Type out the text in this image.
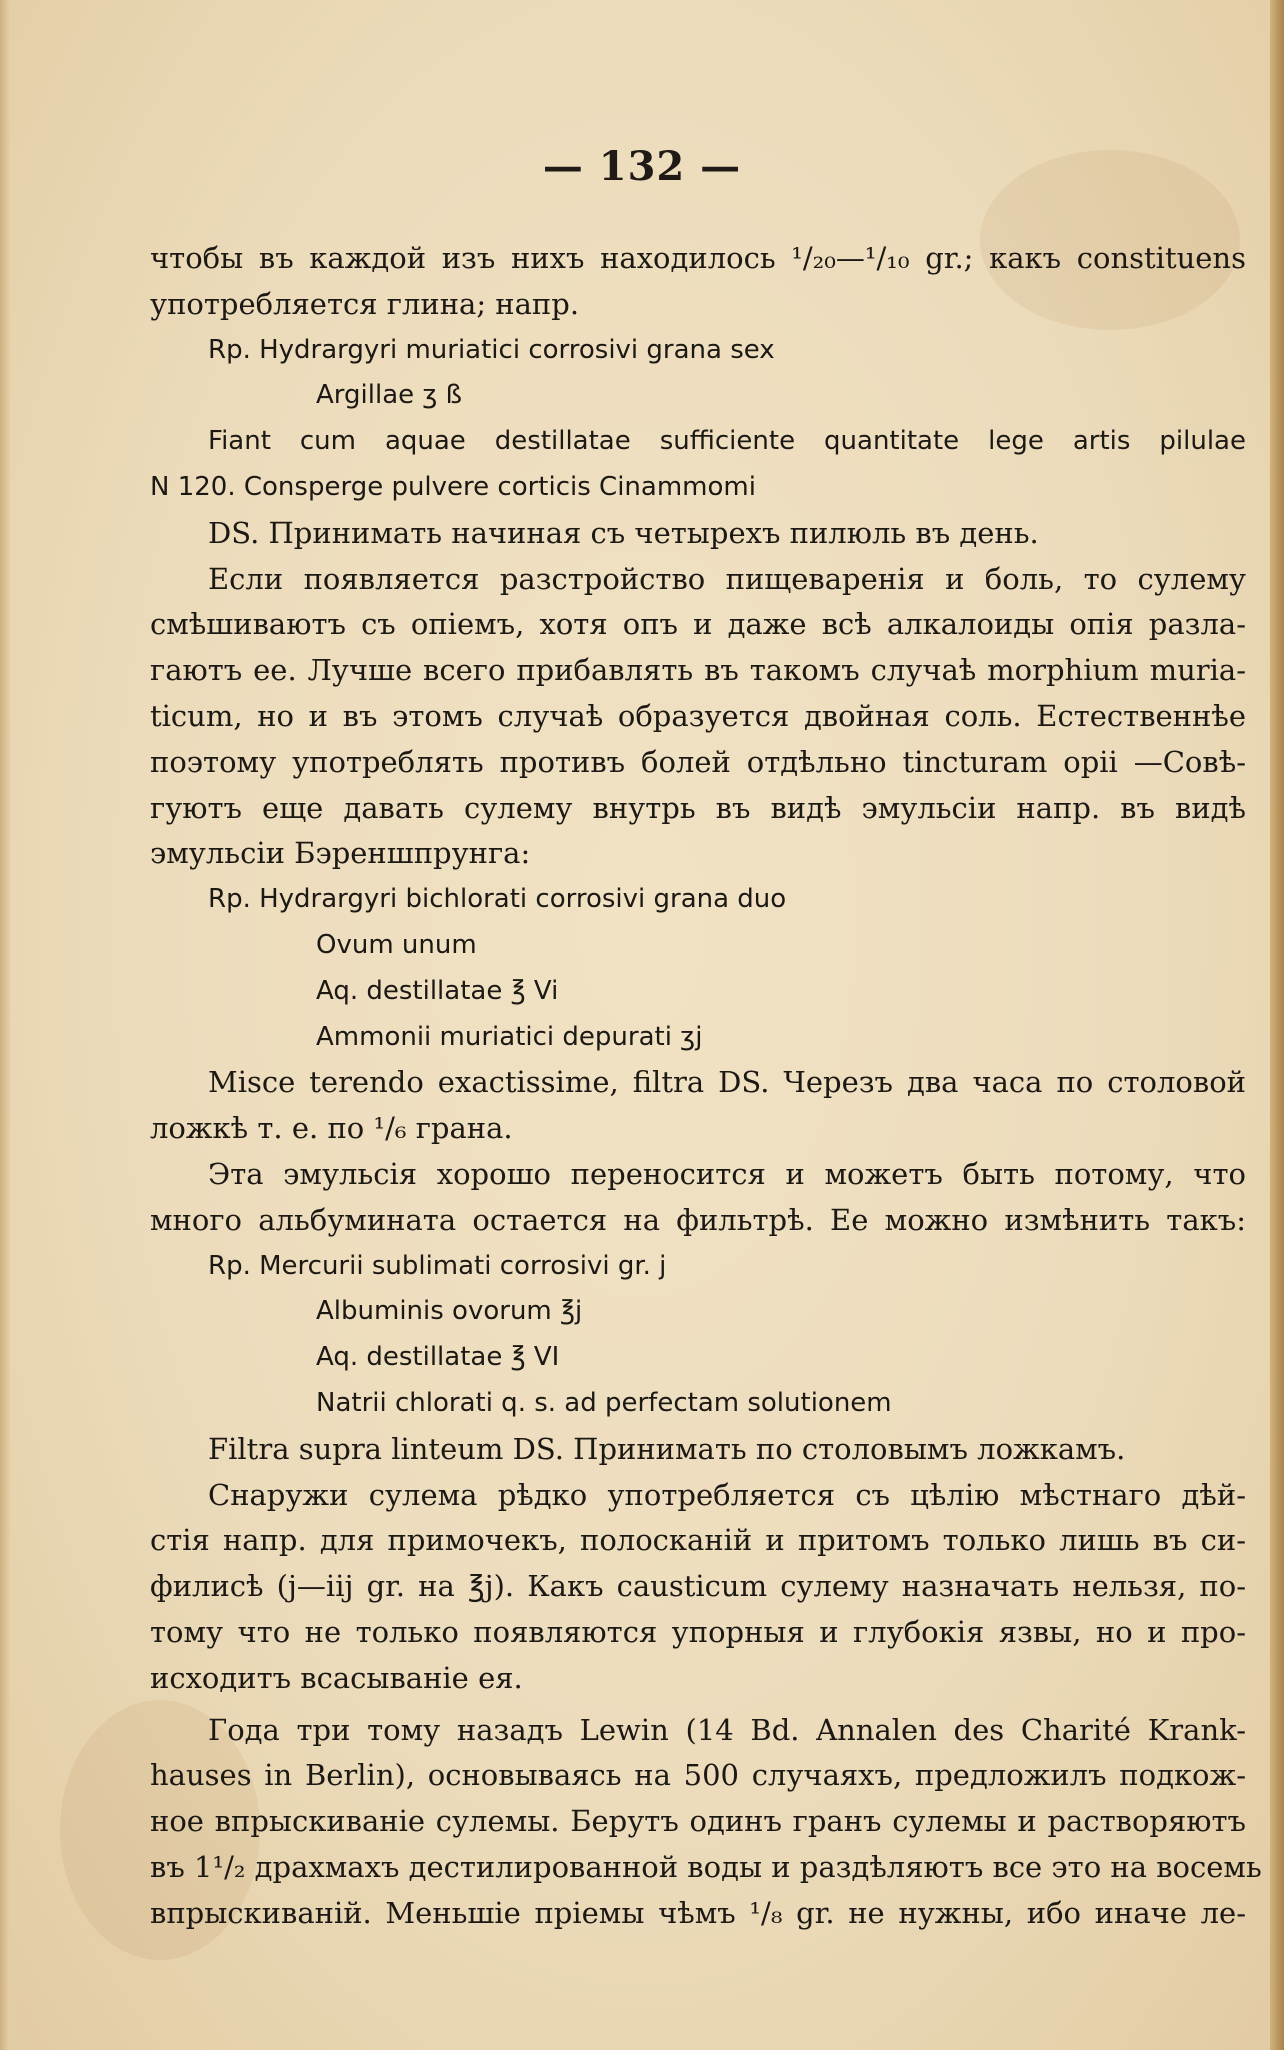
— 132 —
чтобы въ каждой изъ нихъ находилось ¹/₂₀—¹/₁₀ gr.; какъ constituens
употребляется глина; напр.
Rp. Hydrargyri muriatici corrosivi grana sex
Argillae ʒ ß
Fiant cum aquae destillatae sufficiente quantitate lege artis pilulae
N 120. Consperge pulvere corticis Cinammomi
DS. Принимать начиная съ четырехъ пилюль въ день.
Если появляется разстройство пищеваренія и боль, то сулему
смѣшиваютъ съ опіемъ, хотя опъ и даже всѣ алкалоиды опія разла-
гаютъ ее. Лучше всего прибавлять въ такомъ случаѣ morphium muria-
ticum, но и въ этомъ случаѣ образуется двойная соль. Естественнѣе
поэтому употреблять противъ болей отдѣльно tincturam opii —Совѣ-
гуютъ еще давать сулему внутрь въ видѣ эмульсіи напр. въ видѣ
эмульсіи Бэреншпрунга:
Rp. Hydrargyri bichlorati corrosivi grana duo
Ovum unum
Aq. destillatae ℥ Vi
Ammonii muriatici depurati ʒj
Misce terendo exactissime, filtra DS. Черезъ два часа по столовой
ложкѣ т. е. по ¹/₆ грана.
Эта эмульсія хорошо переносится и можетъ быть потому, что
много альбумината остается на фильтрѣ. Ее можно измѣнить такъ:
Rp. Mercurii sublimati corrosivi gr. j
Albuminis ovorum ℥j
Aq. destillatae ℥ VI
Natrii chlorati q. s. ad perfectam solutionem
Filtra supra linteum DS. Принимать по столовымъ ложкамъ.
Снаружи сулема рѣдко употребляется съ цѣлію мѣстнаго дѣй-
стія напр. для примочекъ, полосканій и притомъ только лишь въ си-
филисѣ (j—iij gr. на ℥j). Какъ causticum сулему назначать нельзя, по-
тому что не только появляются упорныя и глубокія язвы, но и про-
исходитъ всасываніе ея.
Года три тому назадъ Lewin (14 Bd. Annalen des Charité Krank-
hauses in Berlin), основываясь на 500 случаяхъ, предложилъ подкож-
ное впрыскиваніе сулемы. Берутъ одинъ гранъ сулемы и растворяютъ
въ 1¹/₂ драхмахъ дестилированной воды и раздѣляютъ все это на восемь
впрыскиваній. Меньшіе пріемы чѣмъ ¹/₈ gr. не нужны, ибо иначе ле-
